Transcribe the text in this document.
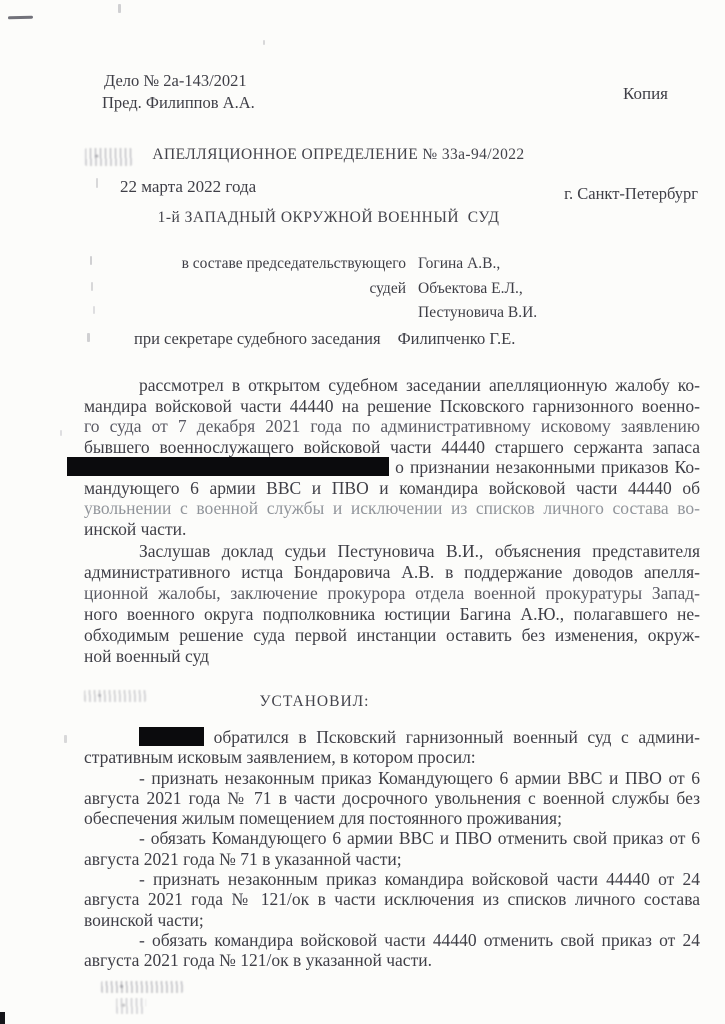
Дело № 2а-143/2021
Пред. Филиппов А.А.	Копия
АПЕЛЛЯЦИОННОЕ ОПРЕДЕЛЕНИЕ № 33а-94/2022
22 марта 2022 года	г. Санкт-Петербург
1-й ЗАПАДНЫЙ ОКРУЖНОЙ ВОЕННЫЙ  СУД
в составе председательствующего Гогина А.В.,
судей Объектова Е.Л.,
Пестуновича В.И.
при секретаре судебного заседания Филипченко Г.Е.
рассмотрел в открытом судебном заседании апелляционную жалобу ко-
мандира войсковой части 44440 на решение Псковского гарнизонного военно-
го суда от 7 декабря 2021 года по административному исковому заявлению
бывшего военнослужащего войсковой части 44440 старшего сержанта запаса
о признании незаконными приказов Ко-
мандующего 6 армии ВВС и ПВО и командира войсковой части 44440 об
увольнении с военной службы и исключении из списков личного состава во-
инской части.
Заслушав доклад судьи Пестуновича В.И., объяснения представителя
административного истца Бондаровича А.В. в поддержание доводов апелля-
ционной жалобы, заключение прокурора отдела военной прокуратуры Запад-
ного военного округа подполковника юстиции Багина А.Ю., полагавшего не-
обходимым решение суда первой инстанции оставить без изменения, окруж-
ной военный суд
УСТАНОВИЛ:
обратился в Псковский гарнизонный военный суд с админи-
стративным исковым заявлением, в котором просил:
- признать незаконным приказ Командующего 6 армии ВВС и ПВО от 6
августа 2021 года № 71 в части досрочного увольнения с военной службы без
обеспечения жилым помещением для постоянного проживания;
- обязать Командующего 6 армии ВВС и ПВО отменить свой приказ от 6
августа 2021 года № 71 в указанной части;
- признать незаконным приказ командира войсковой части 44440 от 24
августа 2021 года № 121/ок в части исключения из списков личного состава
воинской части;
- обязать командира войсковой части 44440 отменить свой приказ от 24
августа 2021 года № 121/ок в указанной части.
